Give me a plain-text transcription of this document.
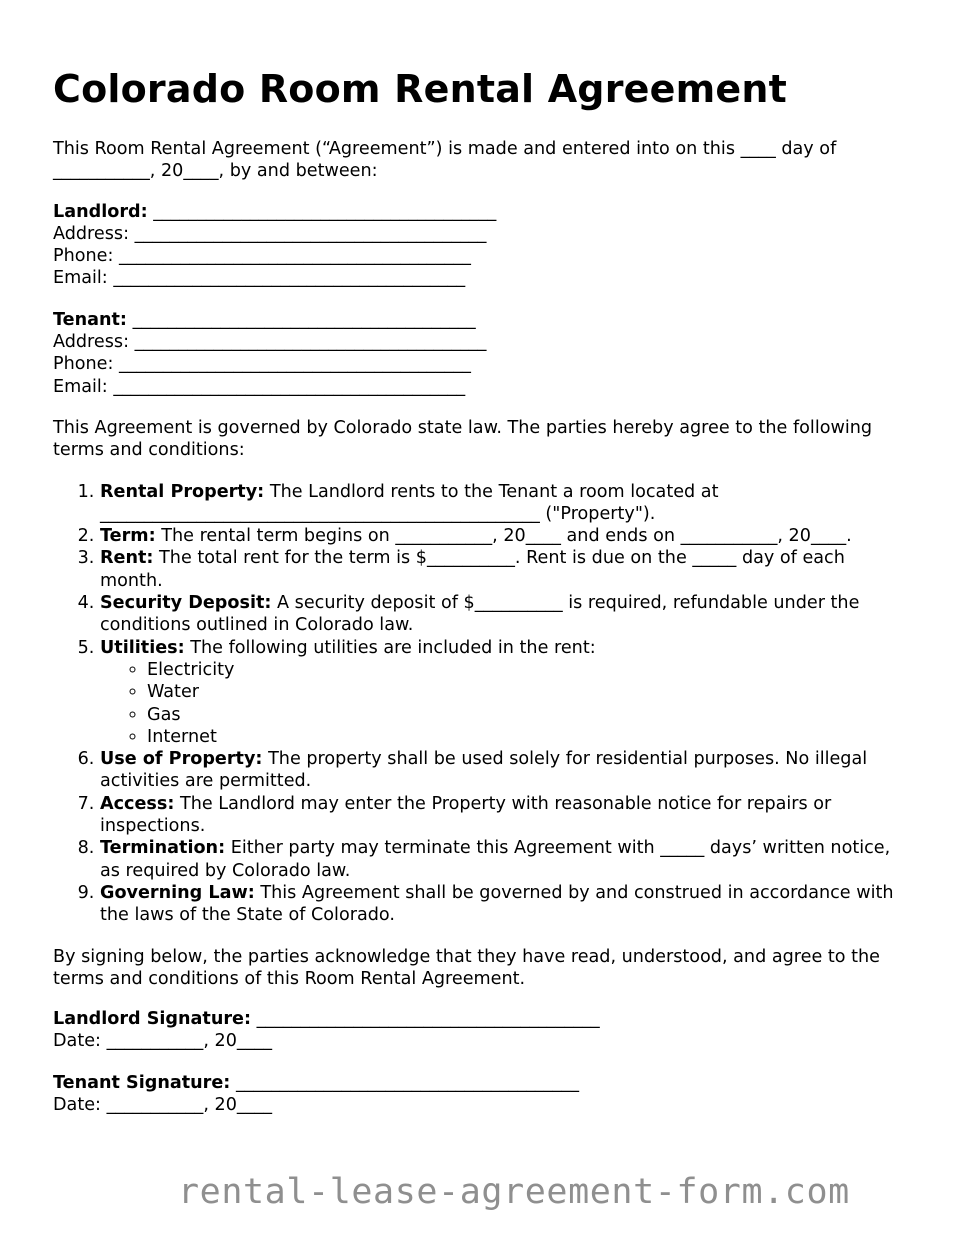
Colorado Room Rental Agreement

This Room Rental Agreement (“Agreement”) is made and entered into on this ____ day of ___________, 20____, by and between:

Landlord: _______________________________________
Address: ________________________________________
Phone: ________________________________________
Email: ________________________________________
Tenant: _______________________________________
Address: ________________________________________
Phone: ________________________________________
Email: ________________________________________

This Agreement is governed by Colorado state law. The parties hereby agree to the following terms and conditions:

1. Rental Property: The Landlord rents to the Tenant a room located at __________________________________________________ ("Property").
2. Term: The rental term begins on ___________, 20____ and ends on ___________, 20____.
3. Rent: The total rent for the term is $__________. Rent is due on the _____ day of each month.
4. Security Deposit: A security deposit of $__________ is required, refundable under the conditions outlined in Colorado law.
5. Utilities: The following utilities are included in the rent:
◦ Electricity
◦ Water
◦ Gas
◦ Internet
6. Use of Property: The property shall be used solely for residential purposes. No illegal activities are permitted.
7. Access: The Landlord may enter the Property with reasonable notice for repairs or inspections.
8. Termination: Either party may terminate this Agreement with _____ days’ written notice, as required by Colorado law.
9. Governing Law: This Agreement shall be governed by and construed in accordance with the laws of the State of Colorado.

By signing below, the parties acknowledge that they have read, understood, and agree to the terms and conditions of this Room Rental Agreement.

Landlord Signature: _______________________________________
Date: ___________, 20____
Tenant Signature: _______________________________________
Date: ___________, 20____
rental-lease-agreement-form.com
